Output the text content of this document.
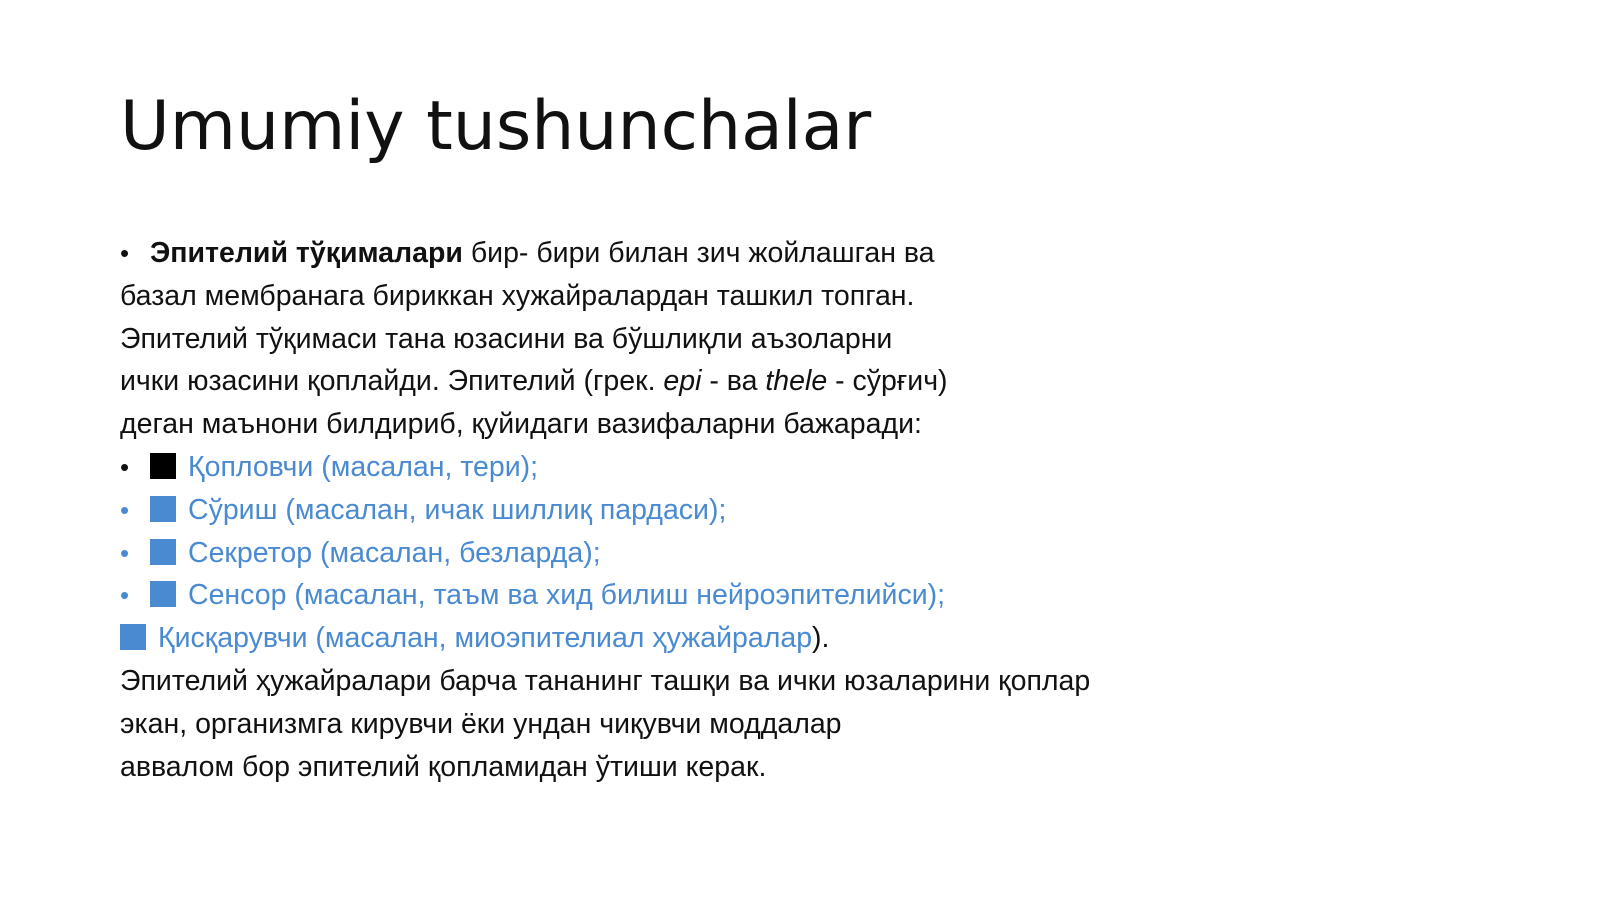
Umumiy tushunchalar
• Эпителий тўқималари бир- бири билан зич жойлашган ва
базал мембранага бириккан хужайралардан ташкил топган.
Эпителий тўқимаси тана юзасини ва бўшлиқли аъзоларни
ички юзасини қоплайди. Эпителий (грек. epi - ва thele - сўрғич)
деган маънони билдириб, қуйидаги вазифаларни бажаради:
• Қопловчи (масалан, тери);
• Сўриш (масалан, ичак шиллиқ пардаси);
• Секретор (масалан, безларда);
• Сенсор (масалан, таъм ва хид билиш нейроэпителийси);
Қисқарувчи (масалан, миоэпителиал ҳужайралар).
Эпителий ҳужайралари барча тананинг ташқи ва ички юзаларини қоплар
экан, организмга кирувчи ёки ундан чиқувчи моддалар
аввалом бор эпителий қопламидан ўтиши керак.
